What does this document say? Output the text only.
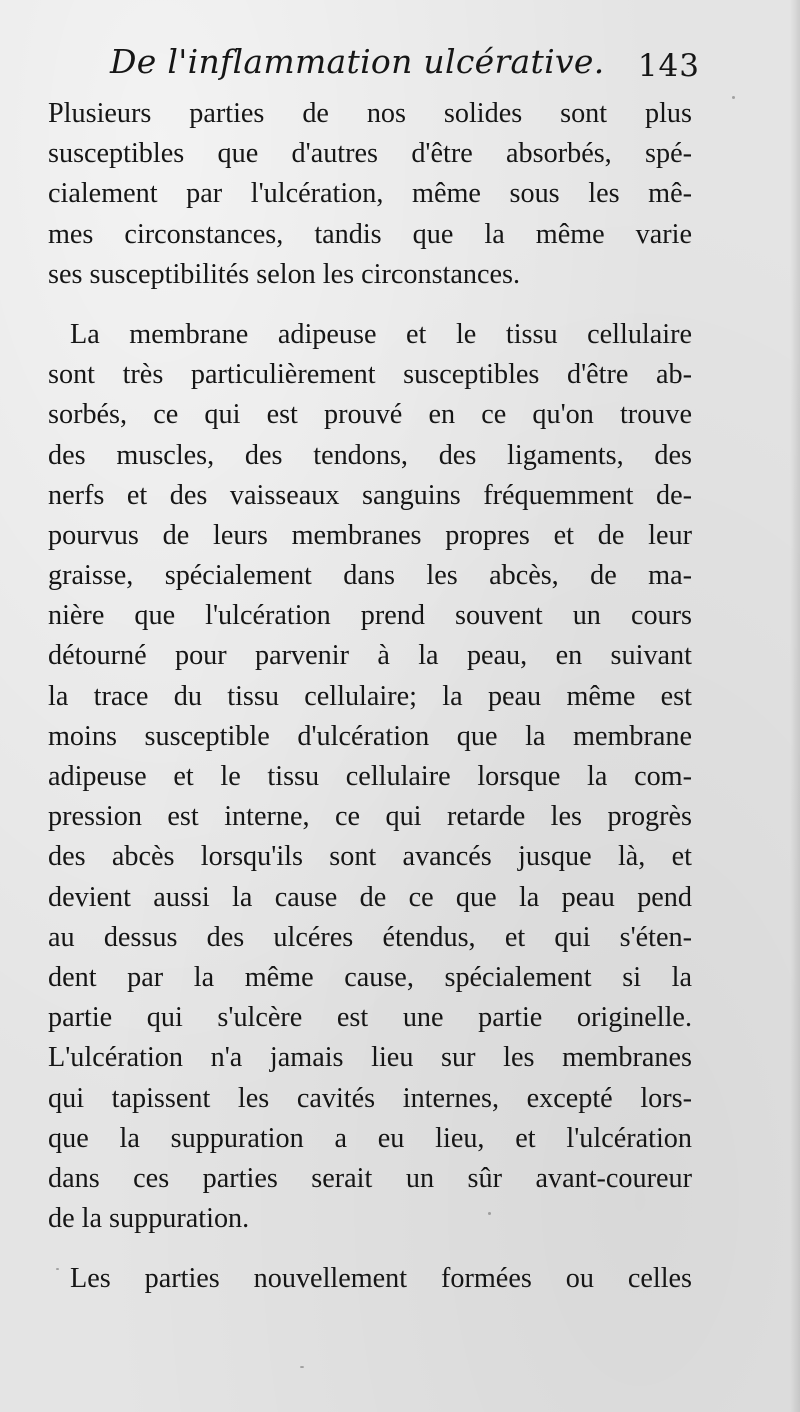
De l'inflammation ulcérative. 143

Plusieurs parties de nos solides sont plus
susceptibles que d'autres d'être absorbés, spé-
cialement par l'ulcération, même sous les mê-
mes circonstances, tandis que la même varie
ses susceptibilités selon les circonstances.

La membrane adipeuse et le tissu cellulaire
sont très particulièrement susceptibles d'être ab-
sorbés, ce qui est prouvé en ce qu'on trouve
des muscles, des tendons, des ligaments, des
nerfs et des vaisseaux sanguins fréquemment de-
pourvus de leurs membranes propres et de leur
graisse, spécialement dans les abcès, de ma-
nière que l'ulcération prend souvent un cours
détourné pour parvenir à la peau, en suivant
la trace du tissu cellulaire; la peau même est
moins susceptible d'ulcération que la membrane
adipeuse et le tissu cellulaire lorsque la com-
pression est interne, ce qui retarde les progrès
des abcès lorsqu'ils sont avancés jusque là, et
devient aussi la cause de ce que la peau pend
au dessus des ulcéres étendus, et qui s'éten-
dent par la même cause, spécialement si la
partie qui s'ulcère est une partie originelle.
L'ulcération n'a jamais lieu sur les membranes
qui tapissent les cavités internes, excepté lors-
que la suppuration a eu lieu, et l'ulcération
dans ces parties serait un sûr avant-coureur
de la suppuration.

Les parties nouvellement formées ou celles
